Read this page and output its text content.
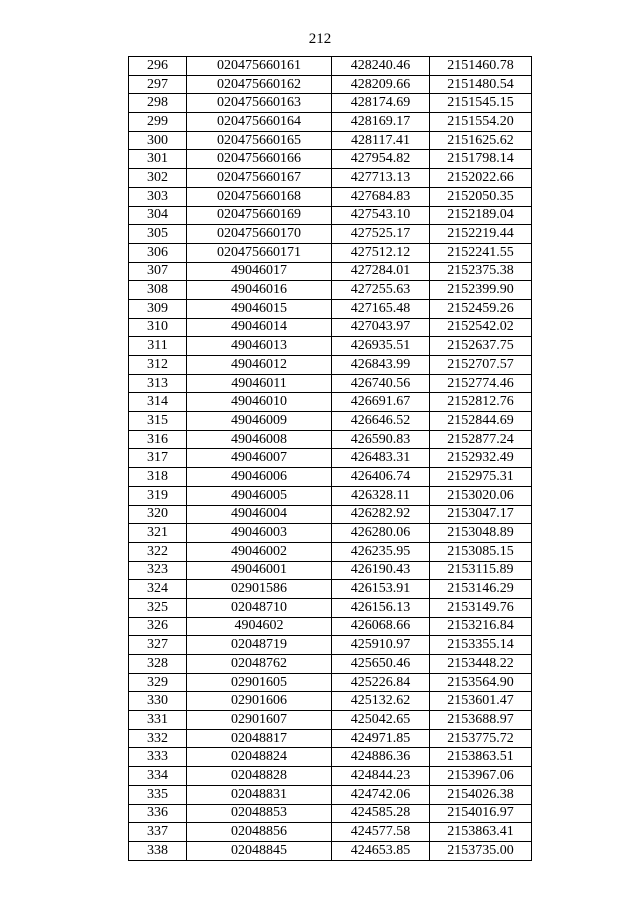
212
296	020475660161	428240.46	2151460.78
297	020475660162	428209.66	2151480.54
298	020475660163	428174.69	2151545.15
299	020475660164	428169.17	2151554.20
300	020475660165	428117.41	2151625.62
301	020475660166	427954.82	2151798.14
302	020475660167	427713.13	2152022.66
303	020475660168	427684.83	2152050.35
304	020475660169	427543.10	2152189.04
305	020475660170	427525.17	2152219.44
306	020475660171	427512.12	2152241.55
307	49046017	427284.01	2152375.38
308	49046016	427255.63	2152399.90
309	49046015	427165.48	2152459.26
310	49046014	427043.97	2152542.02
311	49046013	426935.51	2152637.75
312	49046012	426843.99	2152707.57
313	49046011	426740.56	2152774.46
314	49046010	426691.67	2152812.76
315	49046009	426646.52	2152844.69
316	49046008	426590.83	2152877.24
317	49046007	426483.31	2152932.49
318	49046006	426406.74	2152975.31
319	49046005	426328.11	2153020.06
320	49046004	426282.92	2153047.17
321	49046003	426280.06	2153048.89
322	49046002	426235.95	2153085.15
323	49046001	426190.43	2153115.89
324	02901586	426153.91	2153146.29
325	02048710	426156.13	2153149.76
326	4904602	426068.66	2153216.84
327	02048719	425910.97	2153355.14
328	02048762	425650.46	2153448.22
329	02901605	425226.84	2153564.90
330	02901606	425132.62	2153601.47
331	02901607	425042.65	2153688.97
332	02048817	424971.85	2153775.72
333	02048824	424886.36	2153863.51
334	02048828	424844.23	2153967.06
335	02048831	424742.06	2154026.38
336	02048853	424585.28	2154016.97
337	02048856	424577.58	2153863.41
338	02048845	424653.85	2153735.00
